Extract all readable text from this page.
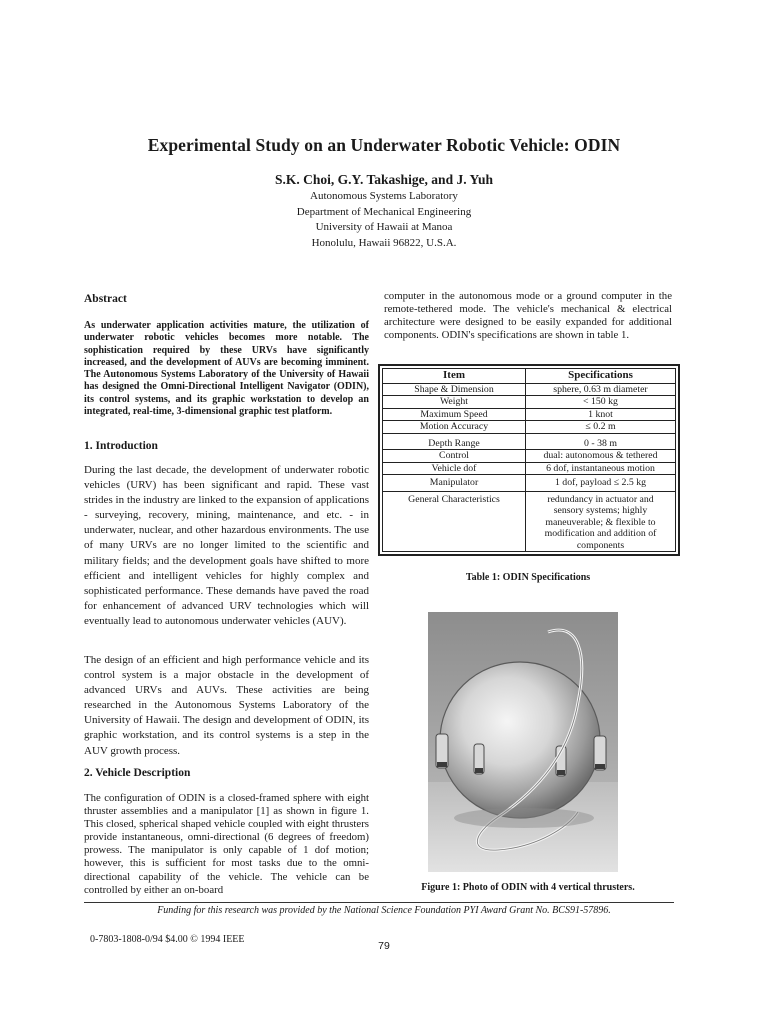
Experimental Study on an Underwater Robotic Vehicle: ODIN
S.K. Choi, G.Y. Takashige, and J. Yuh
Autonomous Systems Laboratory
Department of Mechanical Engineering
University of Hawaii at Manoa
Honolulu, Hawaii 96822, U.S.A.
Abstract
As underwater application activities mature, the utilization of underwater robotic vehicles becomes more notable. The sophistication required by these URVs have significantly increased, and the development of AUVs are becoming imminent. The Autonomous Systems Laboratory of the University of Hawaii has designed the Omni-Directional Intelligent Navigator (ODIN), its control systems, and its graphic workstation to develop an integrated, real-time, 3-dimensional graphic test platform.
1. Introduction
During the last decade, the development of underwater robotic vehicles (URV) has been significant and rapid. These vast strides in the industry are linked to the expansion of applications - surveying, recovery, mining, maintenance, and etc. - in underwater, nuclear, and other hazardous environments. The use of many URVs are no longer limited to the scientific and military fields; and the development goals have shifted to more efficient and intelligent vehicles for highly complex and sophisticated performance. These demands have paved the road for enhancement of advanced URV technologies which will eventually lead to autonomous underwater vehicles (AUV).
The design of an efficient and high performance vehicle and its control system is a major obstacle in the development of advanced URVs and AUVs. These activities are being researched in the Autonomous Systems Laboratory of the University of Hawaii. The design and development of ODIN, its graphic workstation, and its control systems is a step in the AUV growth process.
2. Vehicle Description
The configuration of ODIN is a closed-framed sphere with eight thruster assemblies and a manipulator [1] as shown in figure 1. This closed, spherical shaped vehicle coupled with eight thrusters provide instantaneous, omni-directional (6 degrees of freedom) prowess. The manipulator is only capable of 1 dof motion; however, this is sufficient for most tasks due to the omni-directional capability of the vehicle. The vehicle can be controlled by either an on-board
computer in the autonomous mode or a ground computer in the remote-tethered mode. The vehicle's mechanical & electrical architecture were designed to be easily expanded for additional components. ODIN's specifications are shown in table 1.
Item	Specifications
Shape & Dimension	sphere, 0.63 m diameter
Weight	< 150 kg
Maximum Speed	1 knot
Motion Accuracy	≤ 0.2 m
Depth Range	0 - 38 m
Control	dual: autonomous & tethered
Vehicle dof	6 dof, instantaneous motion
Manipulator	1 dof, payload ≤ 2.5 kg
General Characteristics	redundancy in actuator and sensory systems; highly maneuverable; & flexible to modification and addition of components
Table 1: ODIN Specifications
Figure 1: Photo of ODIN with 4 vertical thrusters.
Funding for this research was provided by the National Science Foundation PYI Award Grant No. BCS91-57896.
0-7803-1808-0/94 $4.00 © 1994 IEEE
79
